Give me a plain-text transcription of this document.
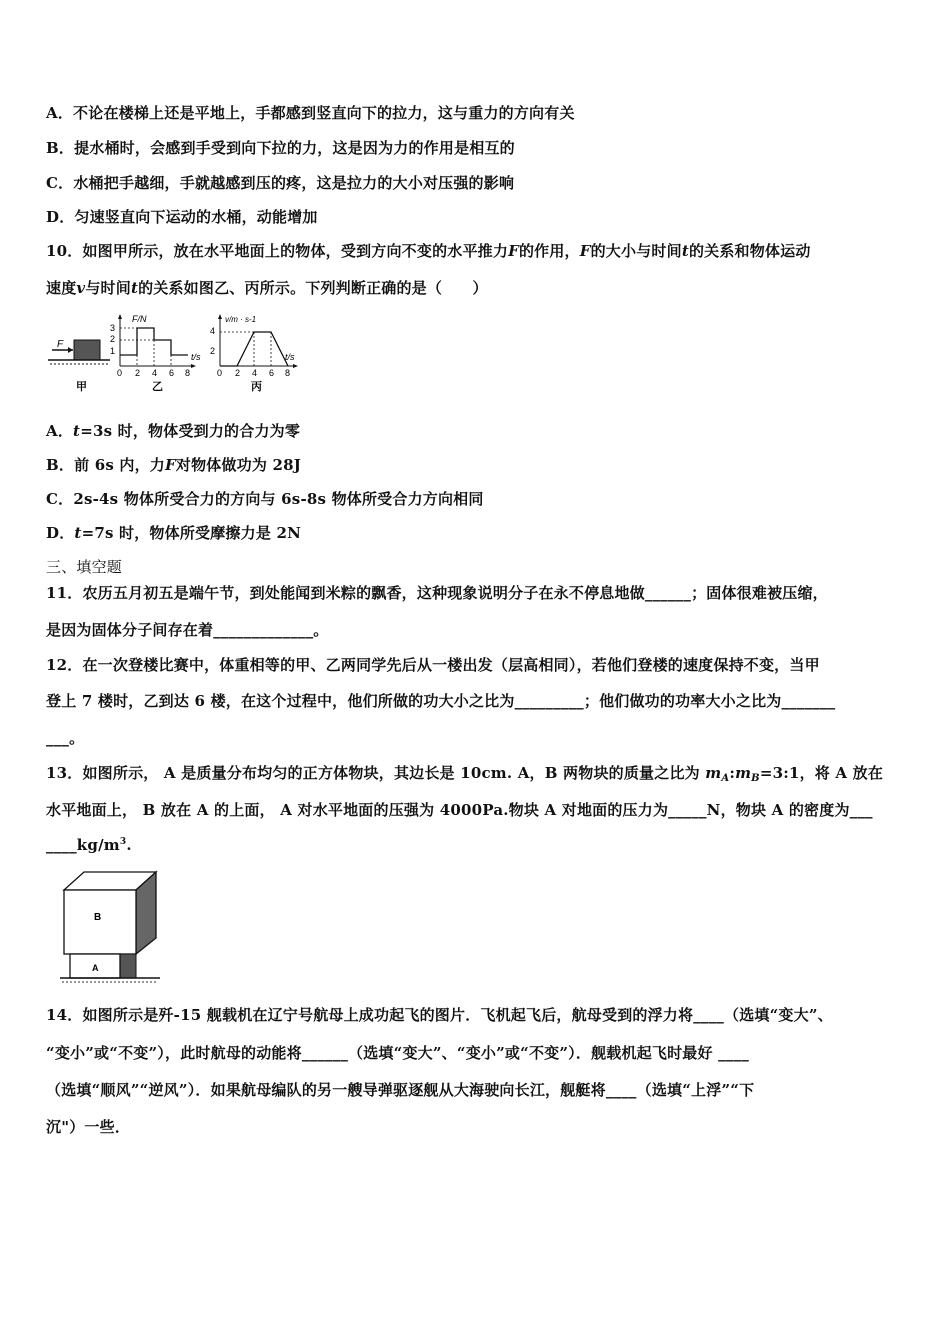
A．不论在楼梯上还是平地上，手都感到竖直向下的拉力，这与重力的方向有关
B．提水桶时，会感到手受到向下拉的力，这是因为力的作用是相互的
C．水桶把手越细，手就越感到压的疼，这是拉力的大小对压强的影响
D．匀速竖直向下运动的水桶，动能增加
10．如图甲所示，放在水平地面上的物体，受到方向不变的水平推力F的作用，F的大小与时间t的关系和物体运动
速度v与时间t的关系如图乙、丙所示。下列判断正确的是（　　）
F
甲
F/N
t/s
3
2
1
0 2 4 6 8
乙
v/m · s-1
t/s
4
2
0 2 4 6 8
丙
A．t=3s 时，物体受到力的合力为零
B．前 6s 内，力F对物体做功为 28J
C．2s-4s 物体所受合力的方向与 6s-8s 物体所受合力方向相同
D．t=7s 时，物体所受摩擦力是 2N
三、填空题
11．农历五月初五是端午节，到处能闻到米粽的飘香，这种现象说明分子在永不停息地做______；固体很难被压缩，
是因为固体分子间存在着_____________。
12．在一次登楼比赛中，体重相等的甲、乙两同学先后从一楼出发（层高相同），若他们登楼的速度保持不变，当甲
登上 7 楼时，乙到达 6 楼，在这个过程中，他们所做的功大小之比为_________；他们做功的功率大小之比为_______
___。
13．如图所示， A 是质量分布均匀的正方体物块，其边长是 10cm. A，B 两物块的质量之比为 $m_A:m_B=3:1$，将 A 放在
水平地面上， B 放在 A 的上面， A 对水平地面的压强为 4000Pa.物块 A 对地面的压力为_____N，物块 A 的密度为___
$\_\_\_\_kg/m^3$.
B
A
14．如图所示是歼-15 舰载机在辽宁号航母上成功起飞的图片．飞机起飞后，航母受到的浮力将____（选填“变大”、
“变小”或“不变”），此时航母的动能将______（选填“变大”、“变小”或“不变”）．舰载机起飞时最好 ____
（选填“顺风”“逆风”）．如果航母编队的另一艘导弹驱逐舰从大海驶向长江，舰艇将____（选填“上浮”“下
沉"）一些．
